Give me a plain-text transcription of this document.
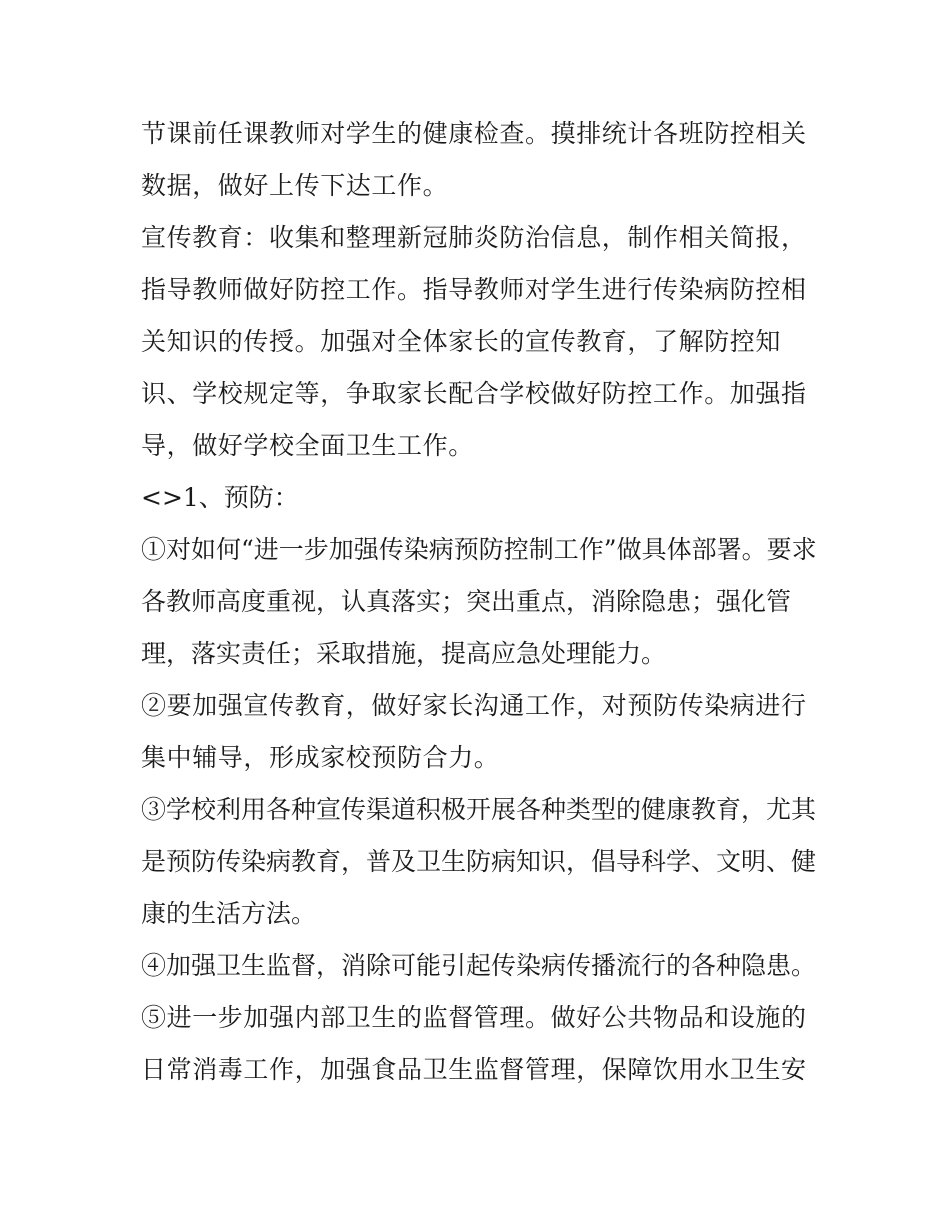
节课前任课教师对学生的健康检查。摸排统计各班防控相关数据，做好上传下达工作。

宣传教育：收集和整理新冠肺炎防治信息，制作相关简报，指导教师做好防控工作。指导教师对学生进行传染病防控相关知识的传授。加强对全体家长的宣传教育，了解防控知识、学校规定等，争取家长配合学校做好防控工作。加强指导，做好学校全面卫生工作。

<>1、预防：

①对如何“进一步加强传染病预防控制工作”做具体部署。要求各教师高度重视，认真落实；突出重点，消除隐患；强化管理，落实责任；采取措施，提高应急处理能力。

②要加强宣传教育，做好家长沟通工作，对预防传染病进行集中辅导，形成家校预防合力。

③学校利用各种宣传渠道积极开展各种类型的健康教育，尤其是预防传染病教育，普及卫生防病知识，倡导科学、文明、健康的生活方法。

④加强卫生监督，消除可能引起传染病传播流行的各种隐患。

⑤进一步加强内部卫生的监督管理。做好公共物品和设施的日常消毒工作，加强食品卫生监督管理，保障饮用水卫生安
